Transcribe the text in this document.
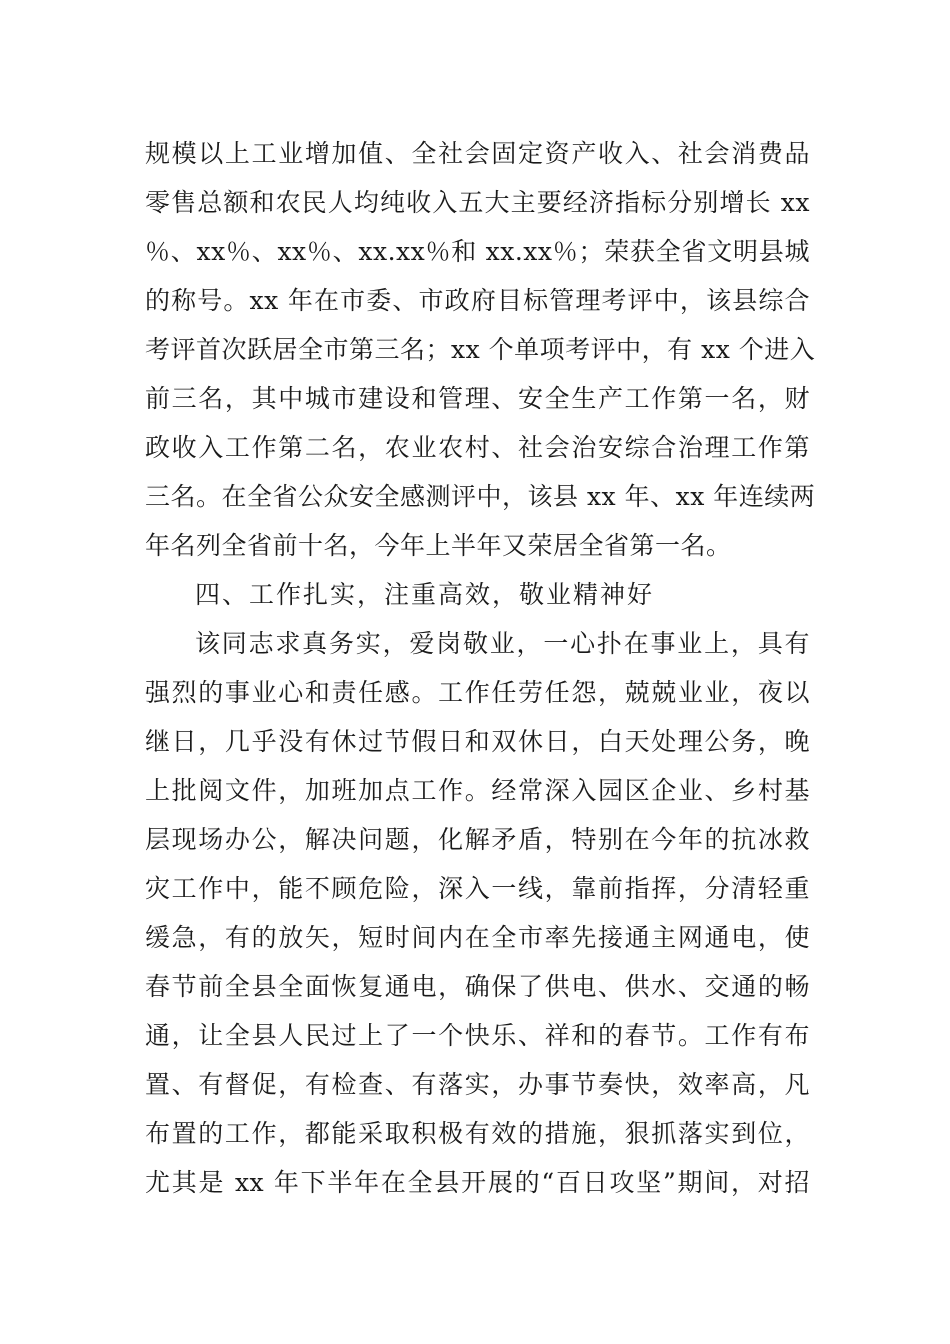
规模以上工业增加值、全社会固定资产收入、社会消费品
零售总额和农民人均纯收入五大主要经济指标分别增长 xx
％、xx％、xx％、xx.xx％和 xx.xx％；荣获全省文明县城
的称号。xx 年在市委、市政府目标管理考评中，该县综合
考评首次跃居全市第三名；xx 个单项考评中，有 xx 个进入
前三名，其中城市建设和管理、安全生产工作第一名，财
政收入工作第二名，农业农村、社会治安综合治理工作第
三名。在全省公众安全感测评中，该县 xx 年、xx 年连续两
年名列全省前十名，今年上半年又荣居全省第一名。
四、工作扎实，注重高效，敬业精神好
该同志求真务实，爱岗敬业，一心扑在事业上，具有
强烈的事业心和责任感。工作任劳任怨，兢兢业业，夜以
继日，几乎没有休过节假日和双休日，白天处理公务，晚
上批阅文件，加班加点工作。经常深入园区企业、乡村基
层现场办公，解决问题，化解矛盾，特别在今年的抗冰救
灾工作中，能不顾危险，深入一线，靠前指挥，分清轻重
缓急，有的放矢，短时间内在全市率先接通主网通电，使
春节前全县全面恢复通电，确保了供电、供水、交通的畅
通，让全县人民过上了一个快乐、祥和的春节。工作有布
置、有督促，有检查、有落实，办事节奏快，效率高，凡
布置的工作，都能采取积极有效的措施，狠抓落实到位，
尤其是 xx 年下半年在全县开展的“百日攻坚”期间，对招
